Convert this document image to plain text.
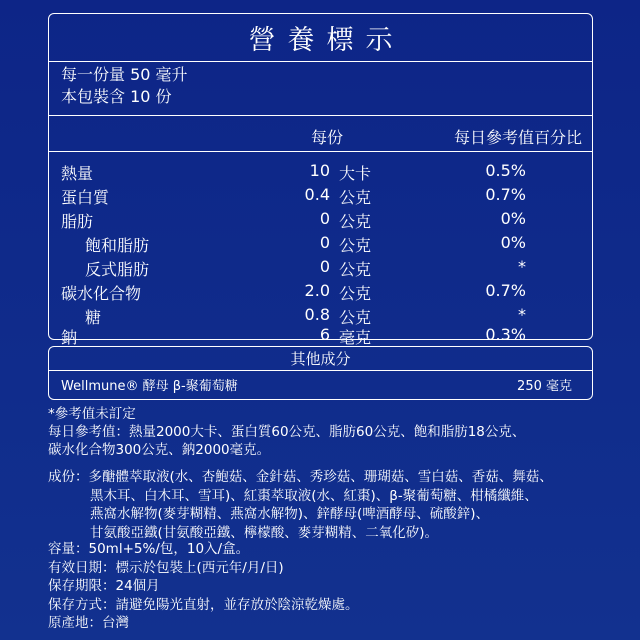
營養標示
每一份量 50 毫升
本包裝含 10 份
每份	每日參考值百分比
熱量	10 大卡	0.5%
蛋白質	0.4 公克	0.7%
脂肪	0 公克	0%
飽和脂肪	0 公克	0%
反式脂肪	0 公克	*
碳水化合物	2.0 公克	0.7%
糖	0.8 公克	*
鈉	6 毫克	0.3%
其他成分
Wellmune® 酵母 β-聚葡萄糖	250 毫克
*參考值未訂定
每日參考值：熱量2000大卡、蛋白質60公克、脂肪60公克、飽和脂肪18公克、
碳水化合物300公克、鈉2000毫克。
成份：多醣體萃取液(水、杏鮑菇、金針菇、秀珍菇、珊瑚菇、雪白菇、香菇、舞菇、
黑木耳、白木耳、雪耳)、紅棗萃取液(水、紅棗)、β-聚葡萄糖、柑橘纖維、
燕窩水解物(麥芽糊精、燕窩水解物)、鋅酵母(啤酒酵母、硫酸鋅)、
甘氨酸亞鐵(甘氨酸亞鐵、檸檬酸、麥芽糊精、二氧化矽)。
容量：50ml+5%/包，10入/盒。
有效日期：標示於包裝上(西元年/月/日)
保存期限：24個月
保存方式：請避免陽光直射，並存放於陰涼乾燥處。
原產地：台灣
